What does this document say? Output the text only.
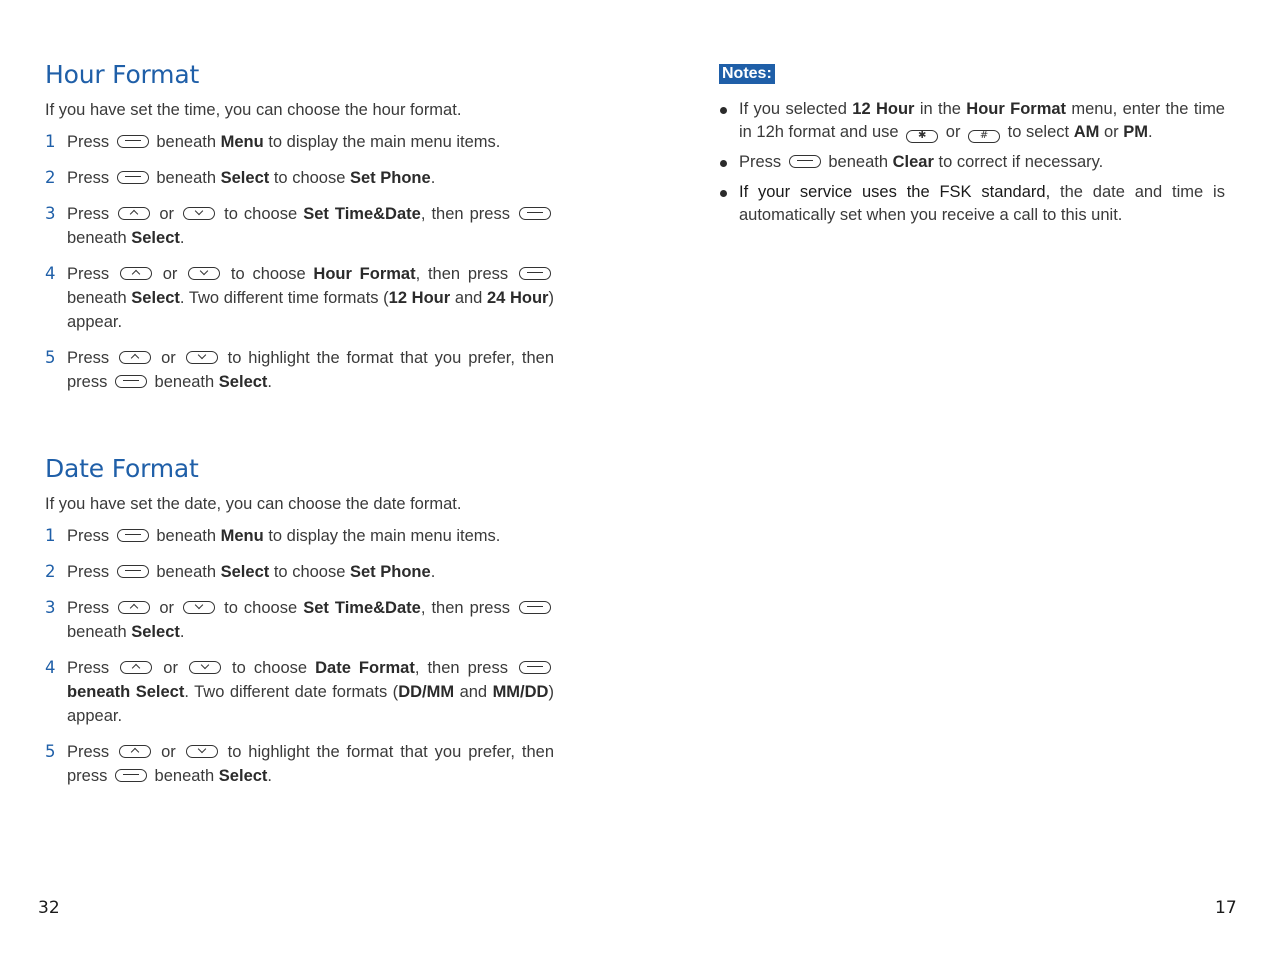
Hour Format
If you have set the time, you can choose the hour format.
1 Press	beneath Menu to display the main menu items.
2 Press	beneath Select to choose Set Phone.
3 Press	or	to choose Set Time&Date, then press  beneath Select.
4 Press	or	to choose Hour Format, then press  beneath Select. Two different time formats (12 Hour and 24 Hour) appear.
5 Press	or	to highlight the format that you prefer, then press	beneath Select.
Date Format
If you have set the date, you can choose the date format.
1 Press	beneath Menu to display the main menu items.
2 Press	beneath Select to choose Set Phone.
3 Press	or	to choose Set Time&Date, then press  beneath Select.
4 Press	or	to choose Date Format, then press  beneath Select. Two different date formats (DD/MM and MM/DD) appear.
5 Press	or	to highlight the format that you prefer, then press	beneath Select.
Notes:
If you selected 12 Hour in the Hour Format menu, enter the time in 12h format and use ✱ or # to select AM or PM.
Press	beneath Clear to correct if necessary.
If your service uses the FSK standard, the date and time is automatically set when you receive a call to this unit.
32	17
